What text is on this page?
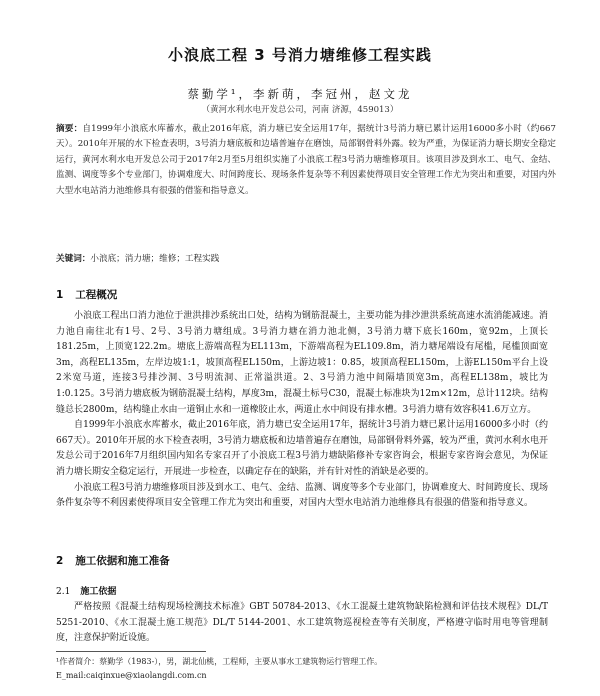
小浪底工程 3 号消力塘维修工程实践
蔡勤学¹，李新萌，李冠州，赵文龙
（黄河水利水电开发总公司，河南 济源，459013）
摘要：自1999年小浪底水库蓄水，截止2016年底，消力塘已安全运用17年，据统计3号消力塘已累计运用16000多小时（约667天）。2010年开展的水下检查表明，3号消力塘底板和边墙普遍存在磨蚀，局部钢骨料外露。较为严重，为保证消力塘长期安全稳定运行，黄河水利水电开发总公司于2017年2月至5月组织实施了小浪底工程3号消力塘维修项目。该项目涉及到水工、电气、金结、监测、调度等多个专业部门，协调难度大、时间跨度长、现场条件复杂等不利因素使得项目安全管理工作尤为突出和重要，对国内外大型水电站消力池维修具有很强的借鉴和指导意义。
关键词：小浪底；消力塘；维修；工程实践
1 工程概况

小浪底工程出口消力池位于泄洪排沙系统出口处，结构为钢筋混凝土，主要功能为排沙泄洪系统高速水流消能减速。消力池自南往北有1号、2号、3号消力塘组成。3号消力塘在消力池北侧，3号消力塘下底长160m，宽92m，上顶长181.25m，上顶宽122.2m。塘底上游端高程为EL113m，下游端高程为EL109.8m，消力塘尾端设有尾槛，尾槛顶面宽3m，高程EL135m，左岸边坡1:1，坡顶高程EL150m，上游边坡1：0.85，坡顶高程EL150m，上游EL150m平台上设2米宽马道，连接3号排沙洞、3号明流洞、正常溢洪道。2、3号消力池中间隔墙顶宽3m，高程EL138m，坡比为1:0.125。3号消力塘底板为钢筋混凝土结构，厚度3m，混凝土标号C30，混凝土标准块为12m×12m，总计112块。结构缝总长2800m，结构缝止水由一道铜止水和一道橡胶止水，两道止水中间设有排水槽。3号消力塘有效容积41.6万立方。

自1999年小浪底水库蓄水，截止2016年底，消力塘已安全运用17年，据统计3号消力塘已累计运用16000多小时（约667天）。2010年开展的水下检查表明，3号消力塘底板和边墙普遍存在磨蚀，局部钢骨料外露，较为严重，黄河水利水电开发总公司于2016年7月组织国内知名专家召开了小浪底工程3号消力塘缺陷修补专家咨询会，根据专家咨询会意见，为保证消力塘长期安全稳定运行，开展进一步检查，以确定存在的缺陷，并有针对性的消缺是必要的。

小浪底工程3号消力塘维修项目涉及到水工、电气、金结、监测、调度等多个专业部门，协调难度大、时间跨度长、现场条件复杂等不利因素使得项目安全管理工作尤为突出和重要，对国内大型水电站消力池维修具有很强的借鉴和指导意义。

2 施工依据和施工准备
2.1 施工依据

严格按照《混凝土结构现场检测技术标准》GBT 50784-2013、《水工混凝土建筑物缺陷检测和评估技术规程》DL/T 5251-2010、《水工混凝土施工规范》DL/T 5144-2001、水工建筑物巡视检查等有关制度，严格遵守临时用电等管理制度，注意保护附近设施。

¹作者简介：蔡勤学（1983-），男，湖北仙桃，工程师，主要从事水工建筑物运行管理工作。
E_mail:caiqinxue@xiaolangdi.com.cn
